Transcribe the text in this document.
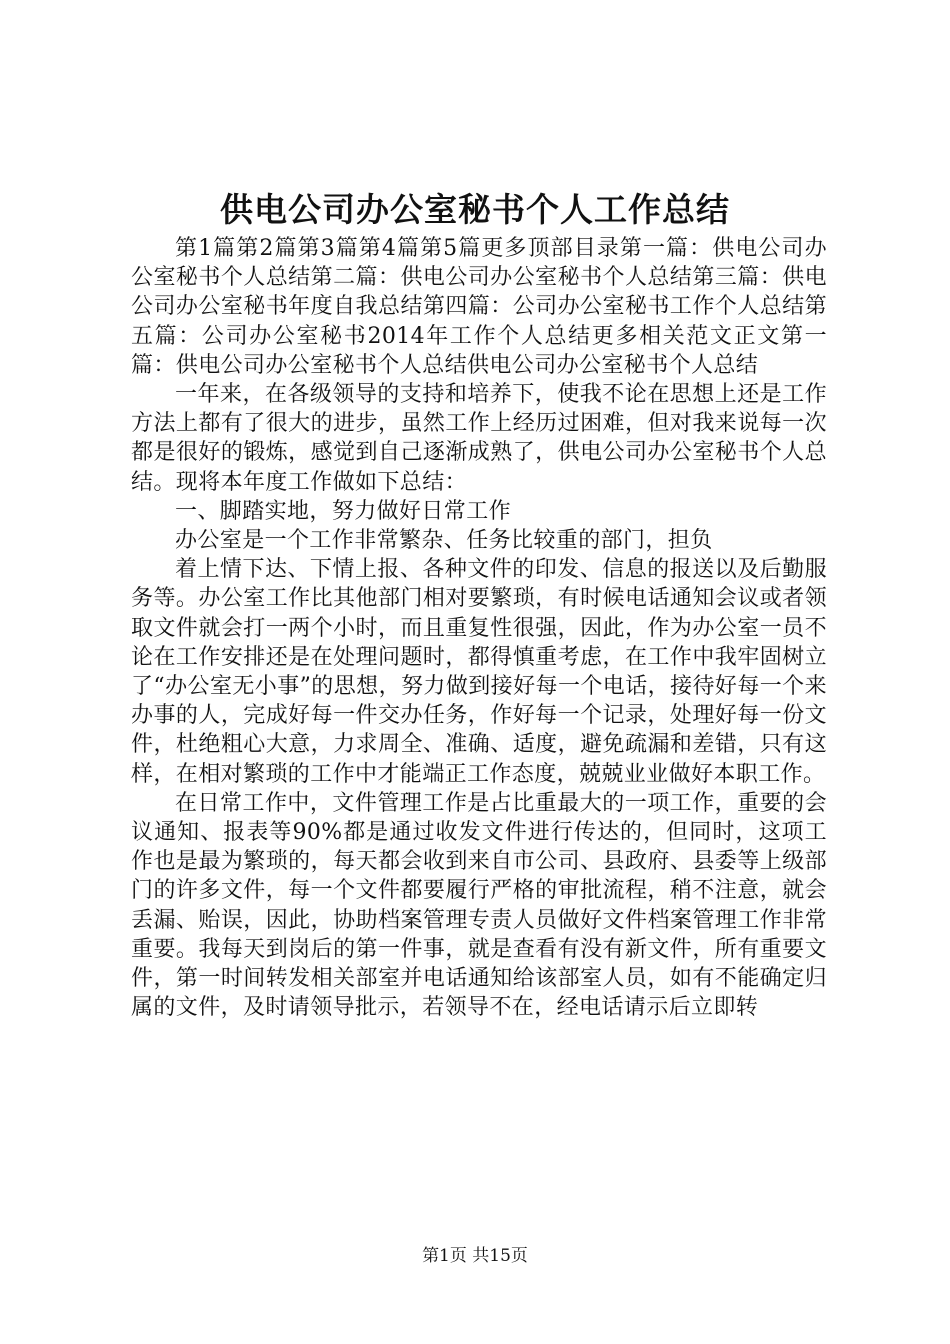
供电公司办公室秘书个人工作总结

第1篇第2篇第3篇第4篇第5篇更多顶部目录第一篇：供电公司办公室秘书个人总结第二篇：供电公司办公室秘书个人总结第三篇：供电公司办公室秘书年度自我总结第四篇：公司办公室秘书工作个人总结第五篇：公司办公室秘书2014年工作个人总结更多相关范文正文第一篇：供电公司办公室秘书个人总结供电公司办公室秘书个人总结

一年来，在各级领导的支持和培养下，使我不论在思想上还是工作方法上都有了很大的进步，虽然工作上经历过困难，但对我来说每一次都是很好的锻炼，感觉到自己逐渐成熟了，供电公司办公室秘书个人总结。现将本年度工作做如下总结：

一、脚踏实地，努力做好日常工作

办公室是一个工作非常繁杂、任务比较重的部门，担负

着上情下达、下情上报、各种文件的印发、信息的报送以及后勤服务等。办公室工作比其他部门相对要繁琐，有时候电话通知会议或者领取文件就会打一两个小时，而且重复性很强，因此，作为办公室一员不论在工作安排还是在处理问题时，都得慎重考虑，在工作中我牢固树立了“办公室无小事”的思想，努力做到接好每一个电话，接待好每一个来办事的人，完成好每一件交办任务，作好每一个记录，处理好每一份文件，杜绝粗心大意，力求周全、准确、适度，避免疏漏和差错，只有这样，在相对繁琐的工作中才能端正工作态度，兢兢业业做好本职工作。

在日常工作中，文件管理工作是占比重最大的一项工作，重要的会议通知、报表等90%都是通过收发文件进行传达的，但同时，这项工作也是最为繁琐的，每天都会收到来自市公司、县政府、县委等上级部门的许多文件，每一个文件都要履行严格的审批流程，稍不注意，就会丢漏、贻误，因此，协助档案管理专责人员做好文件档案管理工作非常重要。我每天到岗后的第一件事，就是查看有没有新文件，所有重要文件，第一时间转发相关部室并电话通知给该部室人员，如有不能确定归属的文件，及时请领导批示，若领导不在，经电话请示后立即转

第1页 共15页
